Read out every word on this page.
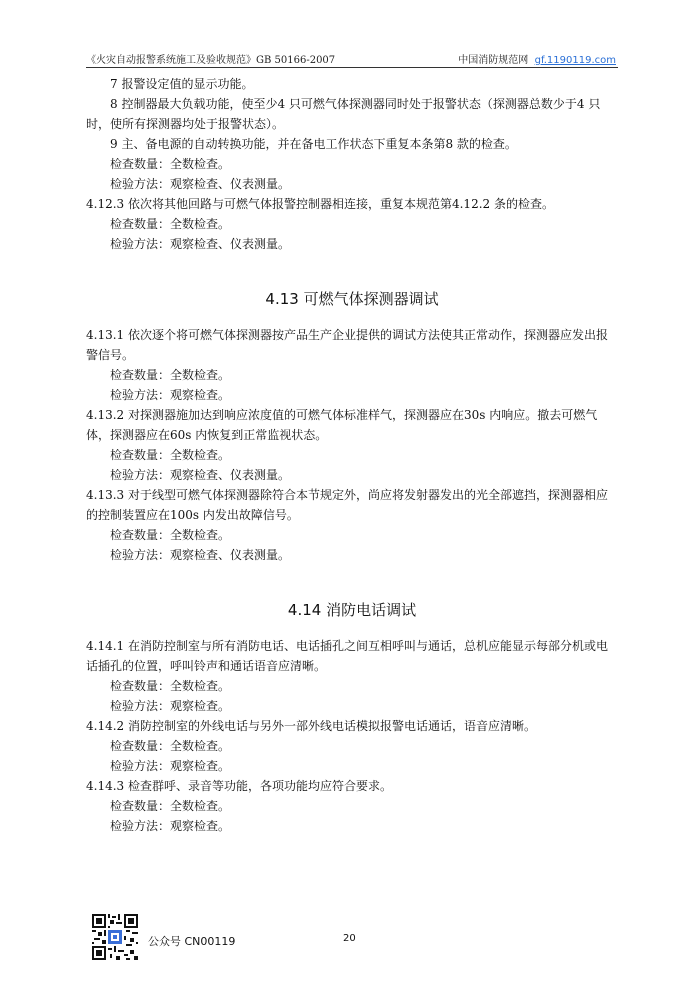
《火灾自动报警系统施工及验收规范》GB 50166-2007	中国消防规范网 gf.1190119.com

7 报警设定值的显示功能。

8 控制器最大负载功能，使至少4 只可燃气体探测器同时处于报警状态（探测器总数少于4 只时，使所有探测器均处于报警状态）。

9 主、备电源的自动转换功能，并在备电工作状态下重复本条第8 款的检查。

检查数量：全数检查。

检验方法：观察检查、仪表测量。

4.12.3 依次将其他回路与可燃气体报警控制器相连接，重复本规范第4.12.2 条的检查。

检查数量：全数检查。

检验方法：观察检查、仪表测量。

4.13 可燃气体探测器调试

4.13.1 依次逐个将可燃气体探测器按产品生产企业提供的调试方法使其正常动作，探测器应发出报警信号。

检查数量：全数检查。

检验方法：观察检查。

4.13.2 对探测器施加达到响应浓度值的可燃气体标准样气，探测器应在30s 内响应。撤去可燃气体，探测器应在60s 内恢复到正常监视状态。

检查数量：全数检查。

检验方法：观察检查、仪表测量。

4.13.3 对于线型可燃气体探测器除符合本节规定外，尚应将发射器发出的光全部遮挡，探测器相应的控制装置应在100s 内发出故障信号。

检查数量：全数检查。

检验方法：观察检查、仪表测量。

4.14 消防电话调试

4.14.1 在消防控制室与所有消防电话、电话插孔之间互相呼叫与通话，总机应能显示每部分机或电话插孔的位置，呼叫铃声和通话语音应清晰。

检查数量：全数检查。

检验方法：观察检查。

4.14.2 消防控制室的外线电话与另外一部外线电话模拟报警电话通话，语音应清晰。

检查数量：全数检查。

检验方法：观察检查。

4.14.3 检查群呼、录音等功能，各项功能均应符合要求。

检查数量：全数检查。

检验方法：观察检查。

公众号 CN00119	20
